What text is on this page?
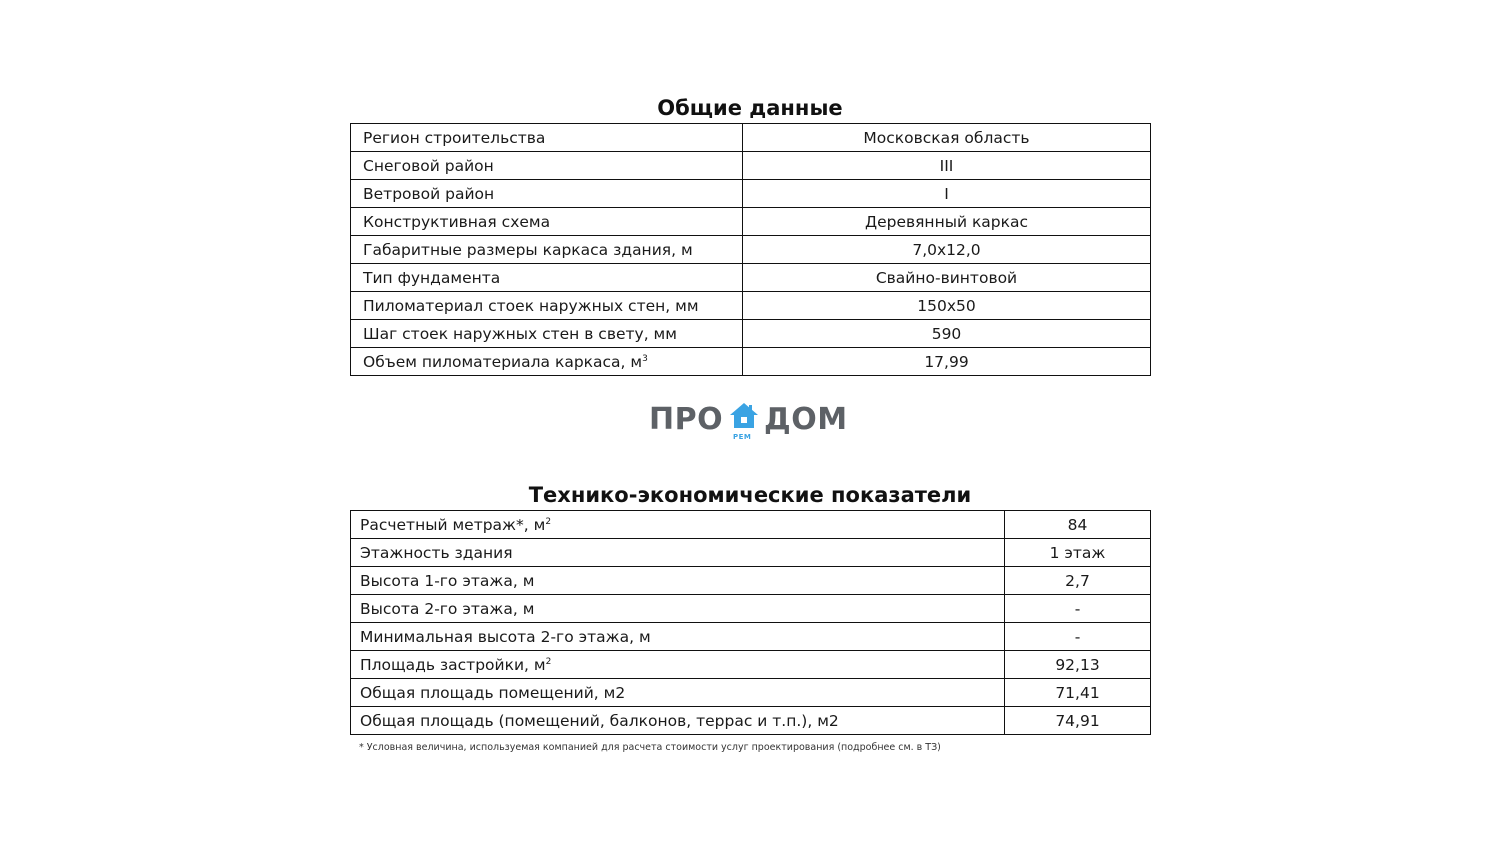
Общие данные
Регион строительства	Московская область
Снеговой район	III
Ветровой район	I
Конструктивная схема	Деревянный каркас
Габаритные размеры каркаса здания, м	7,0х12,0
Тип фундамента	Свайно-винтовой
Пиломатериал стоек наружных стен, мм	150х50
Шаг стоек наружных стен в свету, мм	590
Объем пиломатериала каркаса, $м^3$	17,99
ПРО РЕМ ДОМ
Технико-экономические показатели
Расчетный метраж*, $м^2$	84
Этажность здания	1 этаж
Высота 1-го этажа, м	2,7
Высота 2-го этажа, м	-
Минимальная высота 2-го этажа, м	-
Площадь застройки, $м^2$	92,13
Общая площадь помещений, м2	71,41
Общая площадь (помещений, балконов, террас и т.п.), м2	74,91
* Условная величина, используемая компанией для расчета стоимости услуг проектирования (подробнее см. в ТЗ)
